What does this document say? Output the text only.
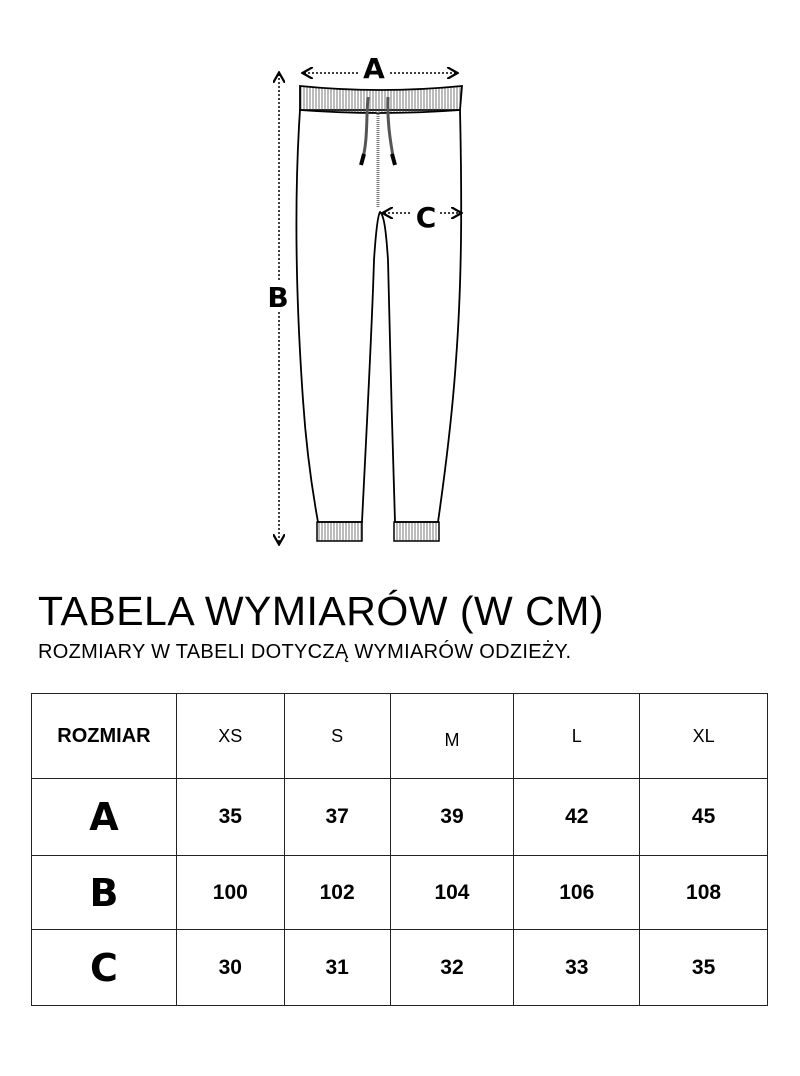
A
B
C
TABELA WYMIARÓW (W CM)
ROZMIARY W TABELI DOTYCZĄ WYMIARÓW ODZIEŻY.
ROZMIAR	XS	S	M	L	XL
A	35	37	39	42	45
B	100	102	104	106	108
C	30	31	32	33	35
